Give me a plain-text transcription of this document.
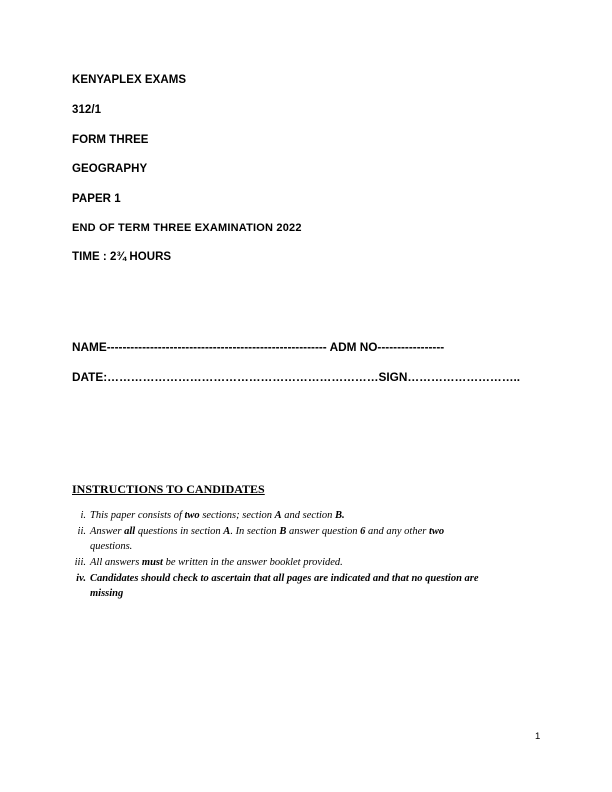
KENYAPLEX EXAMS
312/1
FORM THREE
GEOGRAPHY
PAPER 1
END OF TERM THREE EXAMINATION 2022
TIME : 2¾ HOURS
NAME-------------------------------------------------------- ADM NO-----------------
DATE:……………………………………………………………SIGN………………………..
INSTRUCTIONS TO CANDIDATES
i. This paper consists of two sections; section A and section B.
ii. Answer all questions in section A. In section B answer question 6 and any other two
questions.
iii. All answers must be written in the answer booklet provided.
iv. Candidates should check to ascertain that all pages are indicated and that no question are
missing
1
